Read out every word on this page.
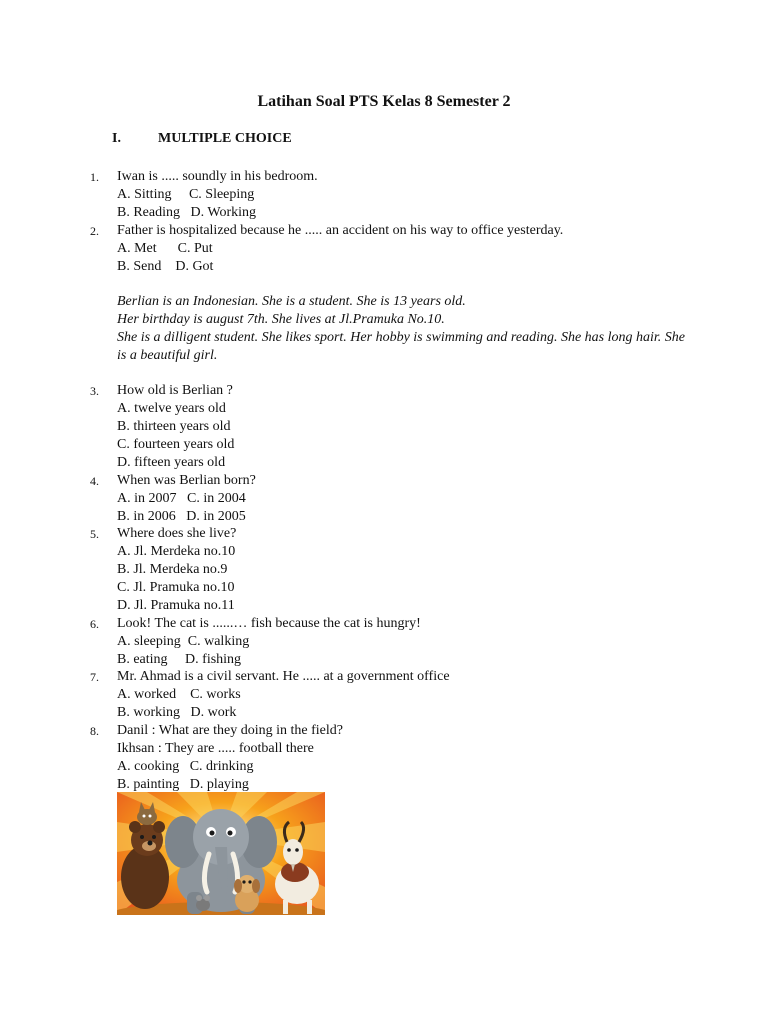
Latihan Soal PTS Kelas 8 Semester 2
I.	MULTIPLE CHOICE
1. Iwan is ..... soundly in his bedroom.
A. Sitting     C. Sleeping
B. Reading   D. Working
2. Father is hospitalized because he ..... an accident on his way to office yesterday.
A. Met      C. Put
B. Send    D. Got
Berlian is an Indonesian. She is a student. She is 13 years old.
Her birthday is august 7th. She lives at Jl.Pramuka No.10.
She is a dilligent student. She likes sport. Her hobby is swimming and reading. She has long hair. She is a beautiful girl.
3. How old is Berlian ?
A. twelve years old
B. thirteen years old
C. fourteen years old
D. fifteen years old
4. When was Berlian born?
A. in 2007   C. in 2004
B. in 2006   D. in 2005
5. Where does she live?
A. Jl. Merdeka no.10
B. Jl. Merdeka no.9
C. Jl. Pramuka no.10
D. Jl. Pramuka no.11
6. Look! The cat is ......… fish because the cat is hungry!
A. sleeping  C. walking
B. eating     D. fishing
7. Mr. Ahmad is a civil servant. He ..... at a government office
A. worked    C. works
B. working   D. work
8. Danil : What are they doing in the field?
Ikhsan : They are ..... football there
A. cooking   C. drinking
B. painting   D. playing
